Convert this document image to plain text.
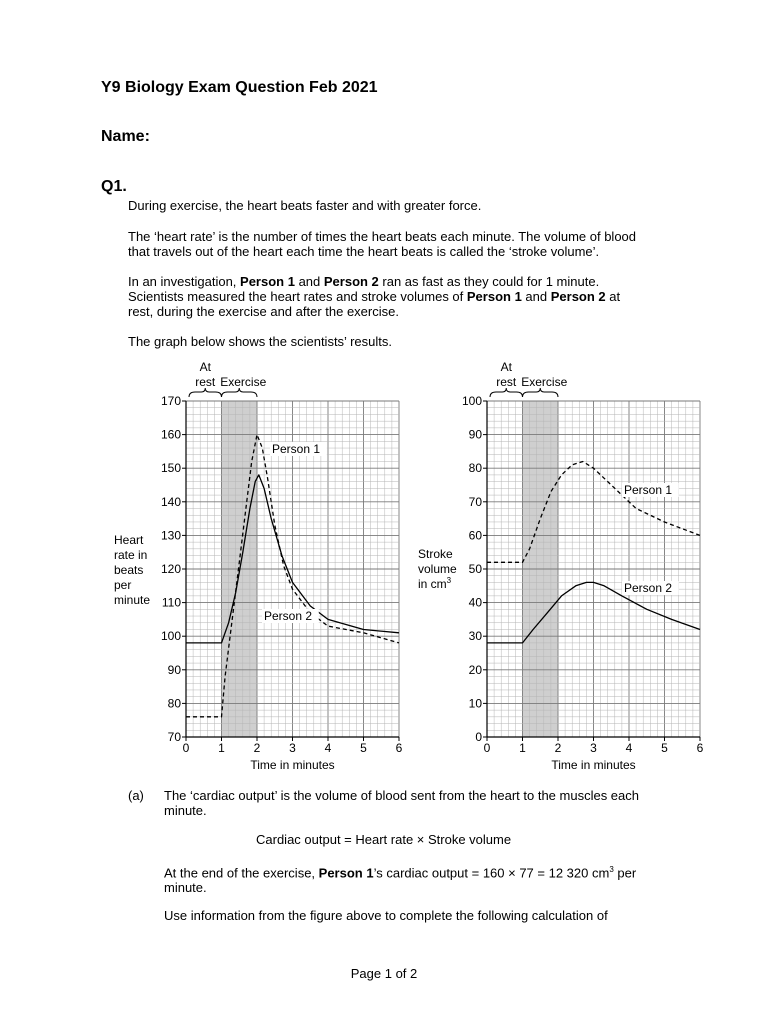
Y9 Biology Exam Question Feb 2021
Name:
Q1.
During exercise, the heart beats faster and with greater force.
The ‘heart rate’ is the number of times the heart beats each minute. The volume of blood
that travels out of the heart each time the heart beats is called the ‘stroke volume’.
In an investigation, Person 1 and Person 2 ran as fast as they could for 1 minute.
Scientists measured the heart rates and stroke volumes of Person 1 and Person 2 at
rest, during the exercise and after the exercise.
The graph below shows the scientists’ results.
70
80
90
100
110
120
130
140
150
160
170
0 1 2 3 4 5 6
Time in minutes
Heart
rate in
beats
per
minute
At
rest Exercise
Person 1
Person 2
0
10
20
30
40
50
60
70
80
90
100
0 1 2 3 4 5 6
Time in minutes
Stroke
volume
in $cm^3$
At
rest Exercise
Person 1
Person 2
(a) The ‘cardiac output’ is the volume of blood sent from the heart to the muscles each
minute.
Cardiac output = Heart rate × Stroke volume
At the end of the exercise, Person 1’s cardiac output = 160 × 77 = 12 320 $cm^3$ per
minute.
Use information from the figure above to complete the following calculation of
Page 1 of 2
